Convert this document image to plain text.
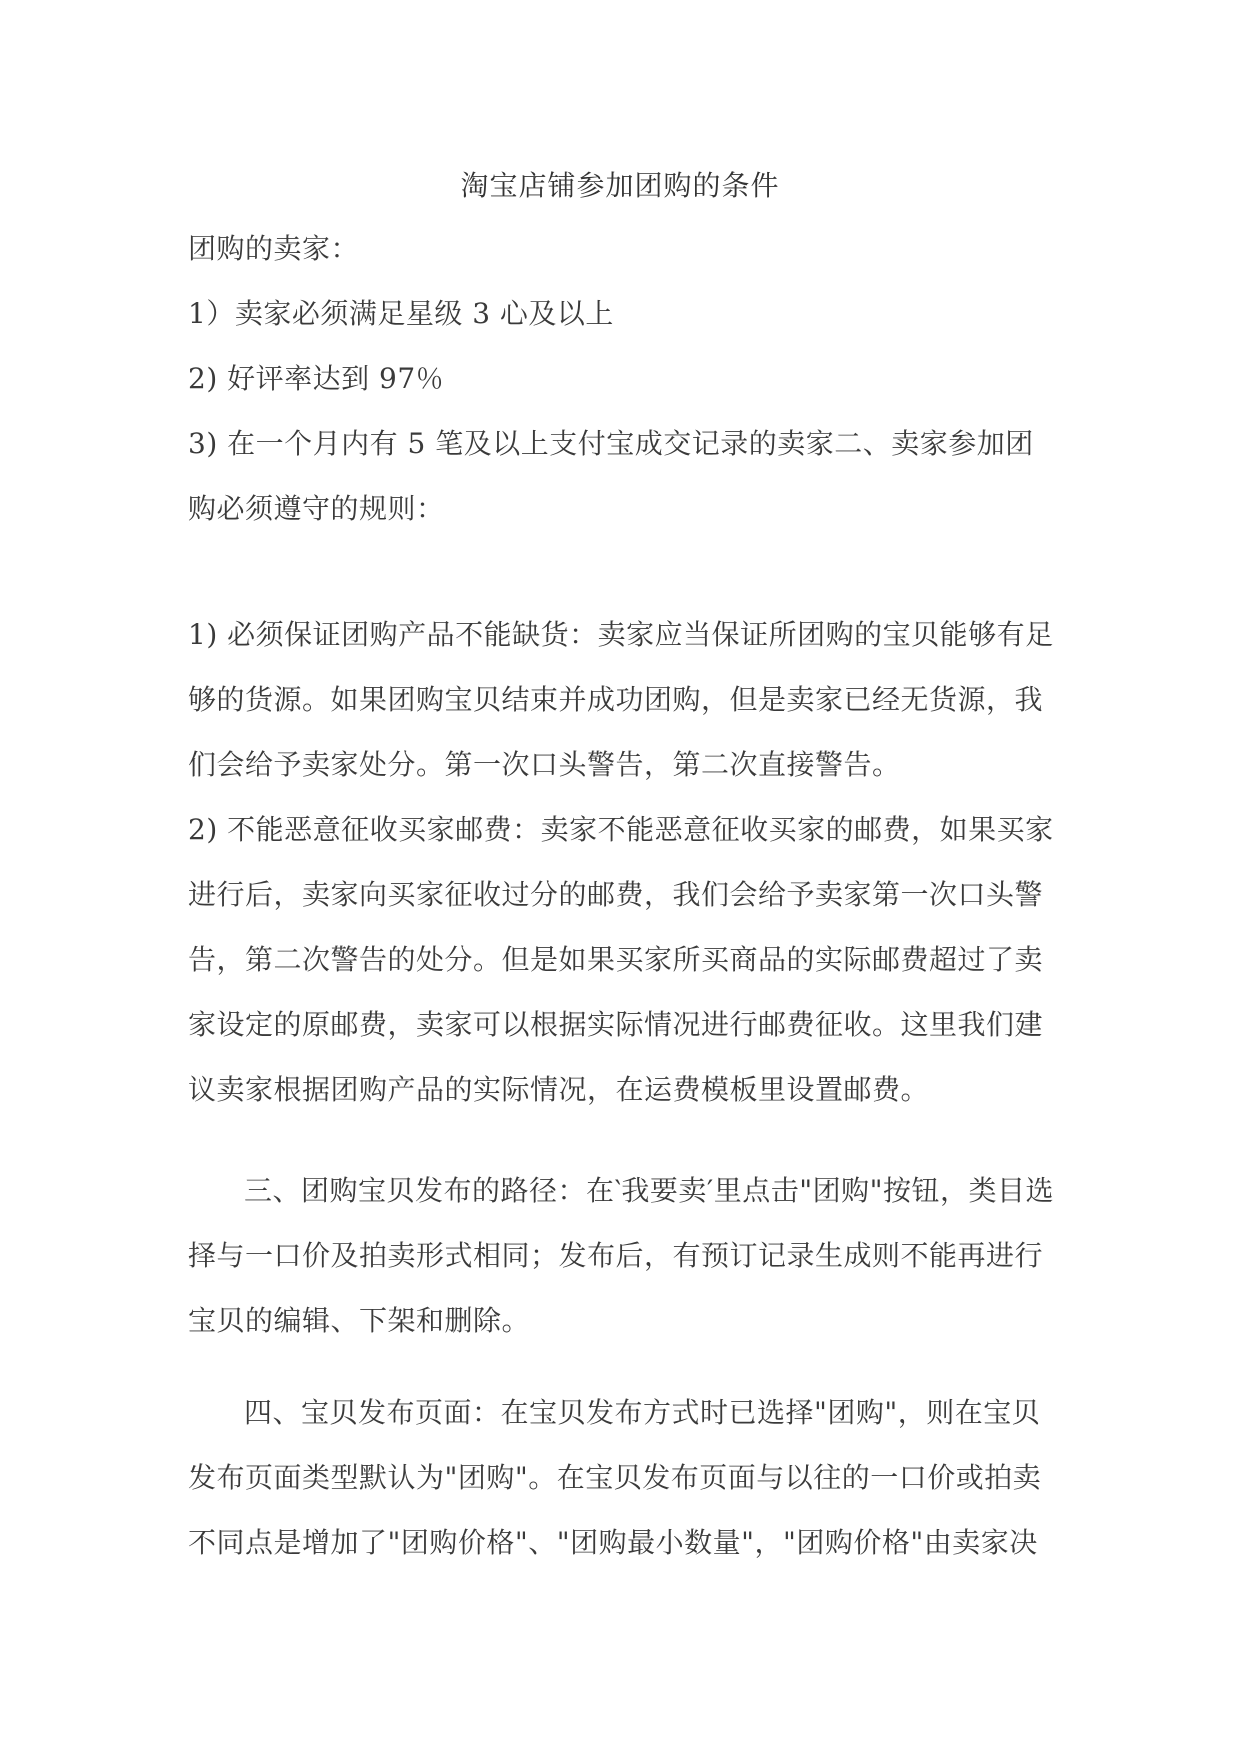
淘宝店铺参加团购的条件

团购的卖家：

1）卖家必须满足星级 3 心及以上

2) 好评率达到 97％

3) 在一个月内有 5 笔及以上支付宝成交记录的卖家二、卖家参加团购必须遵守的规则：

1) 必须保证团购产品不能缺货：卖家应当保证所团购的宝贝能够有足够的货源。如果团购宝贝结束并成功团购，但是卖家已经无货源，我们会给予卖家处分。第一次口头警告，第二次直接警告。

2) 不能恶意征收买家邮费：卖家不能恶意征收买家的邮费，如果买家进行后，卖家向买家征收过分的邮费，我们会给予卖家第一次口头警告，第二次警告的处分。但是如果买家所买商品的实际邮费超过了卖家设定的原邮费，卖家可以根据实际情况进行邮费征收。这里我们建议卖家根据团购产品的实际情况，在运费模板里设置邮费。

三、团购宝贝发布的路径：在‵我要卖′里点击"团购"按钮，类目选择与一口价及拍卖形式相同；发布后，有预订记录生成则不能再进行宝贝的编辑、下架和删除。

四、宝贝发布页面：在宝贝发布方式时已选择"团购"，则在宝贝发布页面类型默认为"团购"。在宝贝发布页面与以往的一口价或拍卖不同点是增加了"团购价格"、"团购最小数量"，"团购价格"由卖家决
